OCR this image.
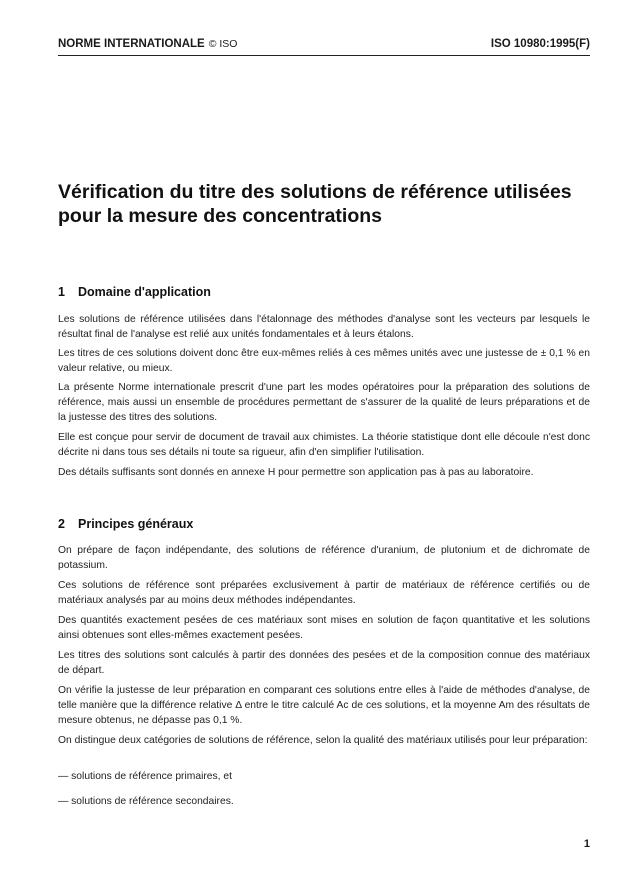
NORME INTERNATIONALE © ISO	ISO 10980:1995(F)
Vérification du titre des solutions de référence utilisées pour la mesure des concentrations
1 Domaine d'application

Les solutions de référence utilisées dans l'étalonnage des méthodes d'analyse sont les vecteurs par lesquels le résultat final de l'analyse est relié aux unités fondamentales et à leurs étalons.

Les titres de ces solutions doivent donc être eux-mêmes reliés à ces mêmes unités avec une justesse de ± 0,1 % en valeur relative, ou mieux.

La présente Norme internationale prescrit d'une part les modes opératoires pour la préparation des solutions de référence, mais aussi un ensemble de procédures permettant de s'assurer de la qualité de leurs préparations et de la justesse des titres des solutions.

Elle est conçue pour servir de document de travail aux chimistes. La théorie statistique dont elle découle n'est donc décrite ni dans tous ses détails ni toute sa rigueur, afin d'en simplifier l'utilisation.

Des détails suffisants sont donnés en annexe H pour permettre son application pas à pas au laboratoire.

2 Principes généraux

On prépare de façon indépendante, des solutions de référence d'uranium, de plutonium et de dichromate de potassium.

Ces solutions de référence sont préparées exclusivement à partir de matériaux de référence certifiés ou de matériaux analysés par au moins deux méthodes indépendantes.

Des quantités exactement pesées de ces matériaux sont mises en solution de façon quantitative et les solutions ainsi obtenues sont elles-mêmes exactement pesées.

Les titres des solutions sont calculés à partir des données des pesées et de la composition connue des matériaux de départ.

On vérifie la justesse de leur préparation en comparant ces solutions entre elles à l'aide de méthodes d'analyse, de telle manière que la différence relative Δ entre le titre calculé Ac de ces solutions, et la moyenne Am des résultats de mesure obtenus, ne dépasse pas 0,1 %.

On distingue deux catégories de solutions de référence, selon la qualité des matériaux utilisés pour leur préparation:

— solutions de référence primaires, et

— solutions de référence secondaires.

1
